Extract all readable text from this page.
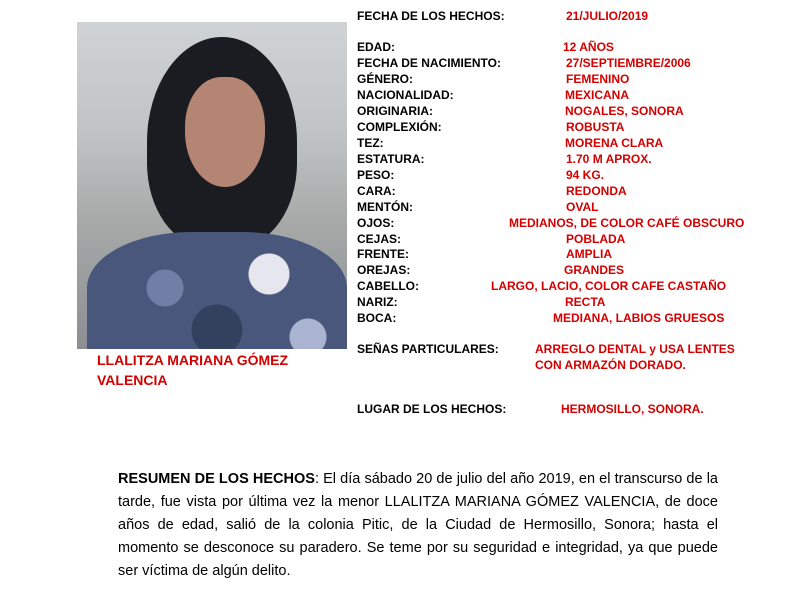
LLALITZA MARIANA GÓMEZ
VALENCIA
FECHA DE LOS HECHOS:	21/JULIO/2019
EDAD:	12 AÑOS
FECHA DE NACIMIENTO:	27/SEPTIEMBRE/2006
GÉNERO:	FEMENINO
NACIONALIDAD:	MEXICANA
ORIGINARIA:	NOGALES, SONORA
COMPLEXIÓN:	ROBUSTA
TEZ:	MORENA CLARA
ESTATURA:	1.70 M APROX.
PESO:	94 KG.
CARA:	REDONDA
MENTÓN:	OVAL
OJOS:	MEDIANOS, DE COLOR CAFÉ OBSCURO
CEJAS:	POBLADA
FRENTE:	AMPLIA
OREJAS:	GRANDES
CABELLO:	LARGO, LACIO, COLOR CAFE CASTAÑO
NARIZ:	RECTA
BOCA:	MEDIANA, LABIOS GRUESOS
SEÑAS PARTICULARES:	ARREGLO DENTAL y USA LENTES
CON ARMAZÓN DORADO.
LUGAR DE LOS HECHOS:	HERMOSILLO, SONORA.
RESUMEN DE LOS HECHOS: El día sábado 20 de julio del año 2019, en el transcurso de la tarde, fue vista por última vez la menor LLALITZA MARIANA GÓMEZ VALENCIA, de doce años de edad, salió de la colonia Pitic, de la Ciudad de Hermosillo, Sonora; hasta el momento se desconoce su paradero. Se teme por su seguridad e integridad, ya que puede ser víctima de algún delito.
